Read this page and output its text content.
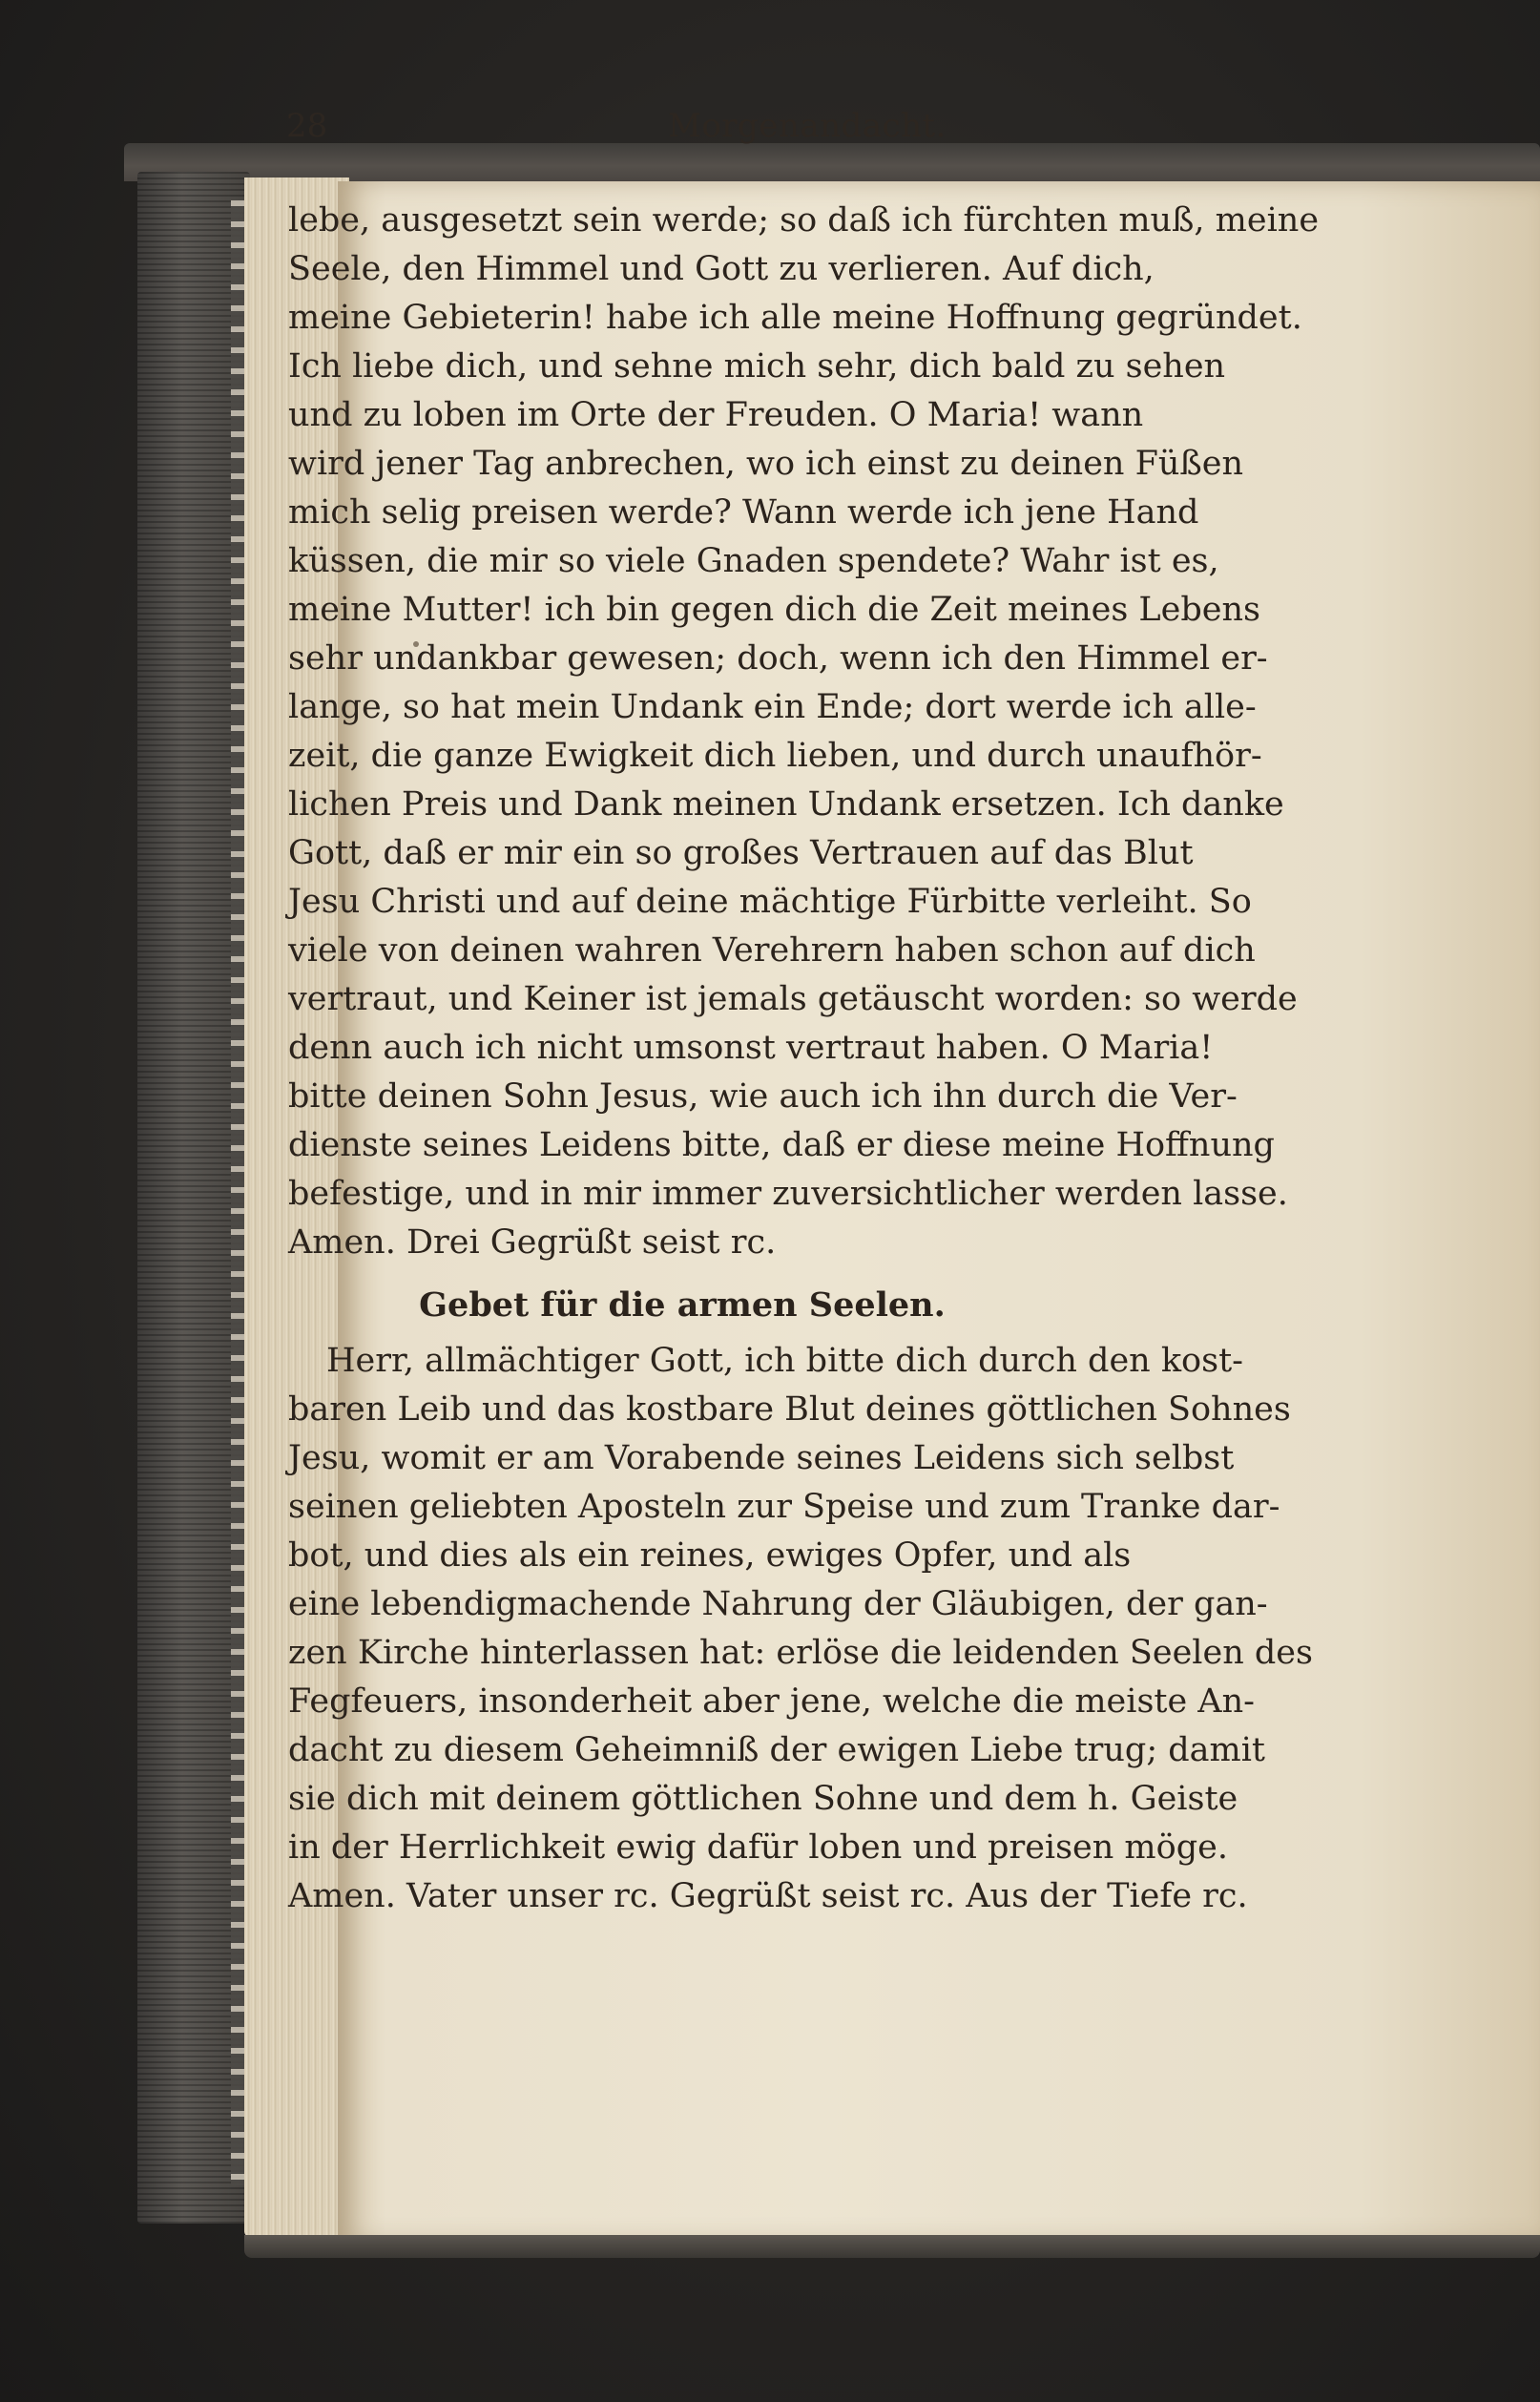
28	Morgenandacht.
lebe, ausgesetzt sein werde; so daß ich fürchten muß, meine
Seele, den Himmel und Gott zu verlieren. Auf dich,
meine Gebieterin! habe ich alle meine Hoffnung gegründet.
Ich liebe dich, und sehne mich sehr, dich bald zu sehen
und zu loben im Orte der Freuden. O Maria! wann
wird jener Tag anbrechen, wo ich einst zu deinen Füßen
mich selig preisen werde? Wann werde ich jene Hand
küssen, die mir so viele Gnaden spendete? Wahr ist es,
meine Mutter! ich bin gegen dich die Zeit meines Lebens
sehr undankbar gewesen; doch, wenn ich den Himmel er-
lange, so hat mein Undank ein Ende; dort werde ich alle-
zeit, die ganze Ewigkeit dich lieben, und durch unaufhör-
lichen Preis und Dank meinen Undank ersetzen. Ich danke
Gott, daß er mir ein so großes Vertrauen auf das Blut
Jesu Christi und auf deine mächtige Fürbitte verleiht. So
viele von deinen wahren Verehrern haben schon auf dich
vertraut, und Keiner ist jemals getäuscht worden: so werde
denn auch ich nicht umsonst vertraut haben. O Maria!
bitte deinen Sohn Jesus, wie auch ich ihn durch die Ver-
dienste seines Leidens bitte, daß er diese meine Hoffnung
befestige, und in mir immer zuversichtlicher werden lasse.
Amen. Drei Gegrüßt seist rc.
Gebet für die armen Seelen.
Herr, allmächtiger Gott, ich bitte dich durch den kost-
baren Leib und das kostbare Blut deines göttlichen Sohnes
Jesu, womit er am Vorabende seines Leidens sich selbst
seinen geliebten Aposteln zur Speise und zum Tranke dar-
bot, und dies als ein reines, ewiges Opfer, und als
eine lebendigmachende Nahrung der Gläubigen, der gan-
zen Kirche hinterlassen hat: erlöse die leidenden Seelen des
Fegfeuers, insonderheit aber jene, welche die meiste An-
dacht zu diesem Geheimniß der ewigen Liebe trug; damit
sie dich mit deinem göttlichen Sohne und dem h. Geiste
in der Herrlichkeit ewig dafür loben und preisen möge.
Amen. Vater unser rc. Gegrüßt seist rc. Aus der Tiefe rc.
